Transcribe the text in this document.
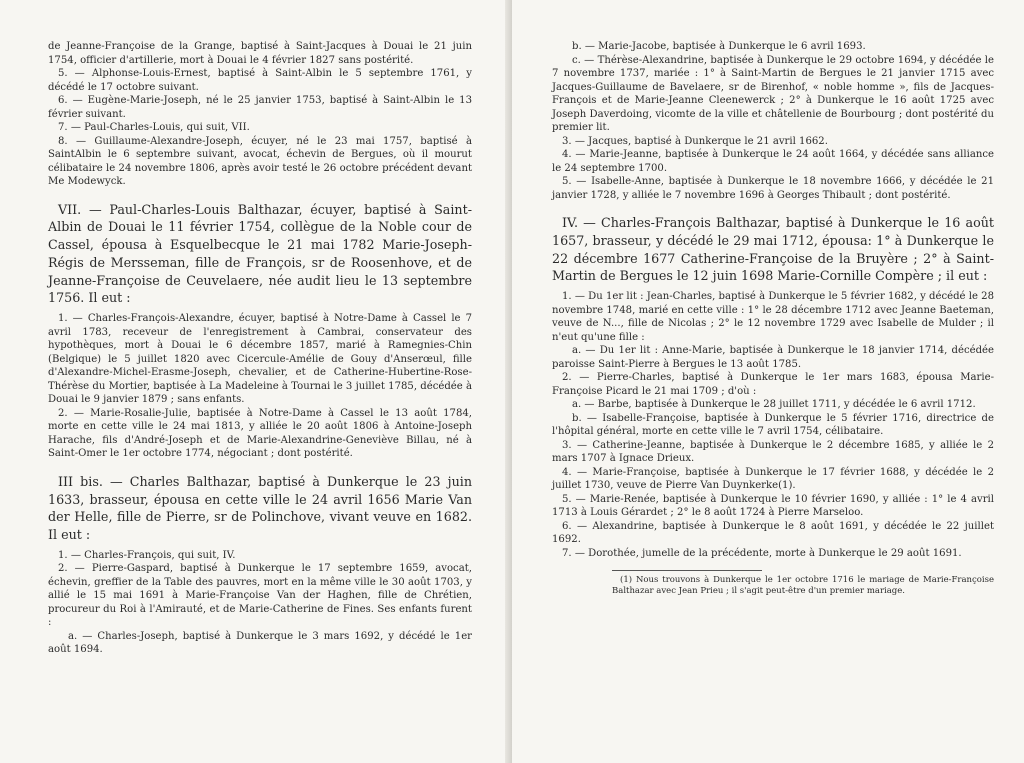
de Jeanne-Françoise de la Grange, baptisé à Saint-Jacques à Douai le 21 juin 1754, officier d'artillerie, mort à Douai le 4 février 1827 sans postérité.

5. — Alphonse-Louis-Ernest, baptisé à Saint-Albin le 5 septembre 1761, y décédé le 17 octobre suivant.

6. — Eugène-Marie-Joseph, né le 25 janvier 1753, baptisé à Saint-Albin le 13 février suivant.

7. — Paul-Charles-Louis, qui suit, VII.

8. — Guillaume-Alexandre-Joseph, écuyer, né le 23 mai 1757, baptisé à SaintAlbin le 6 septembre suivant, avocat, échevin de Bergues, où il mourut célibataire le 24 novembre 1806, après avoir testé le 26 octobre précédent devant Me Modewyck.

VII. — Paul-Charles-Louis Balthazar, écuyer, baptisé à Saint-Albin de Douai le 11 février 1754, collègue de la Noble cour de Cassel, épousa à Esquelbecque le 21 mai 1782 Marie-Joseph-Régis de Mersseman, fille de François, sr de Roosenhove, et de Jeanne-Françoise de Ceuvelaere, née audit lieu le 13 septembre 1756. Il eut :

1. — Charles-François-Alexandre, écuyer, baptisé à Notre-Dame à Cassel le 7 avril 1783, receveur de l'enregistrement à Cambrai, conservateur des hypothèques, mort à Douai le 6 décembre 1857, marié à Ramegnies-Chin (Belgique) le 5 juillet 1820 avec Cicercule-Amélie de Gouy d'Anserœul, fille d'Alexandre-Michel-Erasme-Joseph, chevalier, et de Catherine-Hubertine-Rose-Thérèse du Mortier, baptisée à La Madeleine à Tournai le 3 juillet 1785, décédée à Douai le 9 janvier 1879 ; sans enfants.

2. — Marie-Rosalie-Julie, baptisée à Notre-Dame à Cassel le 13 août 1784, morte en cette ville le 24 mai 1813, y alliée le 20 août 1806 à Antoine-Joseph Harache, fils d'André-Joseph et de Marie-Alexandrine-Geneviève Billau, né à Saint-Omer le 1er octobre 1774, négociant ; dont postérité.

III bis. — Charles Balthazar, baptisé à Dunkerque le 23 juin 1633, brasseur, épousa en cette ville le 24 avril 1656 Marie Van der Helle, fille de Pierre, sr de Polinchove, vivant veuve en 1682. Il eut :

1. — Charles-François, qui suit, IV.

2. — Pierre-Gaspard, baptisé à Dunkerque le 17 septembre 1659, avocat, échevin, greffier de la Table des pauvres, mort en la même ville le 30 août 1703, y allié le 15 mai 1691 à Marie-Françoise Van der Haghen, fille de Chrétien, procureur du Roi à l'Amirauté, et de Marie-Catherine de Fines. Ses enfants furent :

a. — Charles-Joseph, baptisé à Dunkerque le 3 mars 1692, y décédé le 1er août 1694.

b. — Marie-Jacobe, baptisée à Dunkerque le 6 avril 1693.

c. — Thérèse-Alexandrine, baptisée à Dunkerque le 29 octobre 1694, y décédée le 7 novembre 1737, mariée : 1° à Saint-Martin de Bergues le 21 janvier 1715 avec Jacques-Guillaume de Bavelaere, sr de Birenhof, « noble homme », fils de Jacques-François et de Marie-Jeanne Cleenewerck ; 2° à Dunkerque le 16 août 1725 avec Joseph Daverdoing, vicomte de la ville et châtellenie de Bourbourg ; dont postérité du premier lit.

3. — Jacques, baptisé à Dunkerque le 21 avril 1662.

4. — Marie-Jeanne, baptisée à Dunkerque le 24 août 1664, y décédée sans alliance le 24 septembre 1700.

5. — Isabelle-Anne, baptisée à Dunkerque le 18 novembre 1666, y décédée le 21 janvier 1728, y alliée le 7 novembre 1696 à Georges Thibault ; dont postérité.

IV. — Charles-François Balthazar, baptisé à Dunkerque le 16 août 1657, brasseur, y décédé le 29 mai 1712, épousa: 1° à Dunkerque le 22 décembre 1677 Catherine-Françoise de la Bruyère ; 2° à Saint-Martin de Bergues le 12 juin 1698 Marie-Cornille Compère ; il eut :

1. — Du 1er lit : Jean-Charles, baptisé à Dunkerque le 5 février 1682, y décédé le 28 novembre 1748, marié en cette ville : 1° le 28 décembre 1712 avec Jeanne Baeteman, veuve de N..., fille de Nicolas ; 2° le 12 novembre 1729 avec Isabelle de Mulder ; il n'eut qu'une fille :

a. — Du 1er lit : Anne-Marie, baptisée à Dunkerque le 18 janvier 1714, décédée paroisse Saint-Pierre à Bergues le 13 août 1785.

2. — Pierre-Charles, baptisé à Dunkerque le 1er mars 1683, épousa Marie-Françoise Picard le 21 mai 1709 ; d'où :

a. — Barbe, baptisée à Dunkerque le 28 juillet 1711, y décédée le 6 avril 1712.

b. — Isabelle-Françoise, baptisée à Dunkerque le 5 février 1716, directrice de l'hôpital général, morte en cette ville le 7 avril 1754, célibataire.

3. — Catherine-Jeanne, baptisée à Dunkerque le 2 décembre 1685, y alliée le 2 mars 1707 à Ignace Drieux.

4. — Marie-Françoise, baptisée à Dunkerque le 17 février 1688, y décédée le 2 juillet 1730, veuve de Pierre Van Duynkerke(1).

5. — Marie-Renée, baptisée à Dunkerque le 10 février 1690, y alliée : 1° le 4 avril 1713 à Louis Gérardet ; 2° le 8 août 1724 à Pierre Marseloo.

6. — Alexandrine, baptisée à Dunkerque le 8 août 1691, y décédée le 22 juillet 1692.

7. — Dorothée, jumelle de la précédente, morte à Dunkerque le 29 août 1691.

(1) Nous trouvons à Dunkerque le 1er octobre 1716 le mariage de Marie-Françoise Balthazar avec Jean Prieu ; il s'agit peut-être d'un premier mariage.
